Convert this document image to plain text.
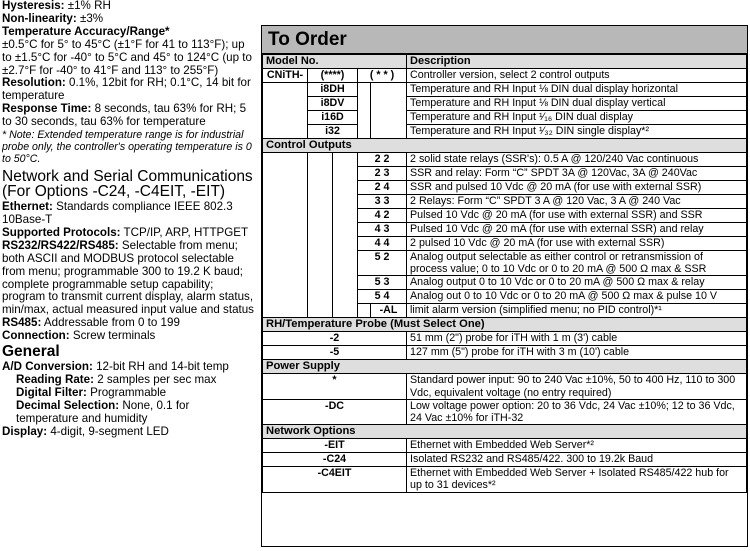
Hysteresis: ±1% RH

Non-linearity: ±3%

Temperature Accuracy/Range*

±0.5°C for 5° to 45°C (±1°F for 41 to 113°F); up to ±1.5°C for -40° to 5°C and 45° to 124°C (up to ±2.7°F for -40° to 41°F and 113° to 255°F)

Resolution: 0.1%, 12bit for RH; 0.1°C, 14 bit for temperature

Response Time: 8 seconds, tau 63% for RH; 5 to 30 seconds, tau 63% for temperature

* Note: Extended temperature range is for industrial probe only, the controller's operating temperature is 0 to 50°C.

Network and Serial Communications (For Options -C24, -C4EIT, -EIT)

Ethernet: Standards compliance IEEE 802.3 10Base-T

Supported Protocols: TCP/IP, ARP, HTTPGET

RS232/RS422/RS485: Selectable from menu; both ASCII and MODBUS protocol selectable from menu; programmable 300 to 19.2 K baud; complete programmable setup capability; program to transmit current display, alarm status, min/max, actual measured input value and status

RS485: Addressable from 0 to 199

Connection: Screw terminals

General

A/D Conversion: 12-bit RH and 14-bit temp

Reading Rate: 2 samples per sec max

Digital Filter: Programmable

Decimal Selection: None, 0.1 for temperature and humidity

Display: 4-digit, 9-segment LED

To Order
Model No.					Description
CNiTH-	(****)		( * * )		Controller version, select 2 control outputs
	i8DH				Temperature and RH Input ⅛ DIN dual display horizontal
	i8DV				Temperature and RH Input ⅛ DIN dual display vertical
	i16D				Temperature and RH Input ¹⁄₁₆ DIN dual display
	i32				Temperature and RH Input ¹⁄₃₂ DIN single display*²
Control Outputs					
			2 2		2 solid state relays (SSR's): 0.5 A @ 120/240 Vac continuous
			2 3		SSR and relay: Form “C” SPDT 3A @ 120Vac, 3A @ 240Vac
			2 4		SSR and pulsed 10 Vdc @ 20 mA (for use with external SSR)
			3 3		2 Relays: Form “C” SPDT 3 A @ 120 Vac, 3 A @ 240 Vac
			4 2		Pulsed 10 Vdc @ 20 mA (for use with external SSR) and SSR
			4 3		Pulsed 10 Vdc @ 20 mA (for use with external SSR) and relay
			4 4		2 pulsed 10 Vdc @ 20 mA (for use with external SSR)
			5 2		Analog output selectable as either control or retransmission of process value; 0 to 10 Vdc or 0 to 20 mA @ 500 Ω max & SSR
			5 3		Analog output 0 to 10 Vdc or 0 to 20 mA @ 500 Ω max & relay
			5 4		Analog out 0 to 10 Vdc or 0 to 20 mA @ 500 Ω max & pulse 10 V
				-AL	limit alarm version (simplified menu; no PID control)*¹
RH/Temperature Probe (Must Select One)					
-2					51 mm (2") probe for iTH with 1 m (3') cable
-5					127 mm (5") probe for iTH with 3 m (10') cable
Power Supply					
*					Standard power input: 90 to 240 Vac ±10%, 50 to 400 Hz, 110 to 300 Vdc, equivalent voltage (no entry required)
-DC					Low voltage power option: 20 to 36 Vdc, 24 Vac ±10%; 12 to 36 Vdc, 24 Vac ±10% for iTH-32
Network Options					
-EIT					Ethernet with Embedded Web Server*²
-C24					Isolated RS232 and RS485/422. 300 to 19.2k Baud
-C4EIT					Ethernet with Embedded Web Server + Isolated RS485/422 hub for up to 31 devices*²
